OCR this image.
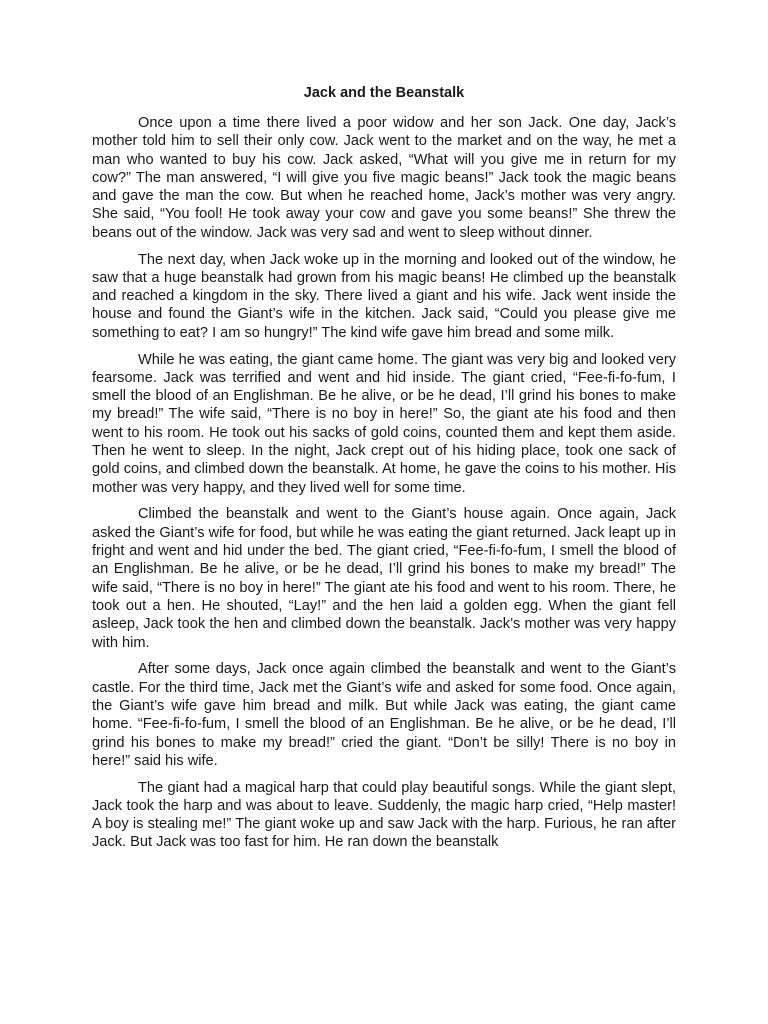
Jack and the Beanstalk

Once upon a time there lived a poor widow and her son Jack. One day, Jack’s mother told him to sell their only cow. Jack went to the market and on the way, he met a man who wanted to buy his cow. Jack asked, “What will you give me in return for my cow?” The man answered, “I will give you five magic beans!” Jack took the magic beans and gave the man the cow. But when he reached home, Jack’s mother was very angry. She said, “You fool! He took away your cow and gave you some beans!” She threw the beans out of the window. Jack was very sad and went to sleep without dinner.

The next day, when Jack woke up in the morning and looked out of the window, he saw that a huge beanstalk had grown from his magic beans! He climbed up the beanstalk and reached a kingdom in the sky. There lived a giant and his wife. Jack went inside the house and found the Giant’s wife in the kitchen. Jack said, “Could you please give me something to eat? I am so hungry!” The kind wife gave him bread and some milk.

While he was eating, the giant came home. The giant was very big and looked very fearsome. Jack was terrified and went and hid inside. The giant cried, “Fee-fi-fo-fum, I smell the blood of an Englishman. Be he alive, or be he dead, I’ll grind his bones to make my bread!” The wife said, “There is no boy in here!” So, the giant ate his food and then went to his room. He took out his sacks of gold coins, counted them and kept them aside. Then he went to sleep. In the night, Jack crept out of his hiding place, took one sack of gold coins, and climbed down the beanstalk. At home, he gave the coins to his mother. His mother was very happy, and they lived well for some time.

Climbed the beanstalk and went to the Giant’s house again. Once again, Jack asked the Giant’s wife for food, but while he was eating the giant returned. Jack leapt up in fright and went and hid under the bed. The giant cried, “Fee-fi-fo-fum, I smell the blood of an Englishman. Be he alive, or be he dead, I’ll grind his bones to make my bread!” The wife said, “There is no boy in here!” The giant ate his food and went to his room. There, he took out a hen. He shouted, “Lay!” and the hen laid a golden egg. When the giant fell asleep, Jack took the hen and climbed down the beanstalk. Jack’s mother was very happy with him.

After some days, Jack once again climbed the beanstalk and went to the Giant’s castle. For the third time, Jack met the Giant’s wife and asked for some food. Once again, the Giant’s wife gave him bread and milk. But while Jack was eating, the giant came home. “Fee-fi-fo-fum, I smell the blood of an Englishman. Be he alive, or be he dead, I’ll grind his bones to make my bread!” cried the giant. “Don’t be silly! There is no boy in here!” said his wife.

The giant had a magical harp that could play beautiful songs. While the giant slept, Jack took the harp and was about to leave. Suddenly, the magic harp cried, “Help master! A boy is stealing me!” The giant woke up and saw Jack with the harp. Furious, he ran after Jack. But Jack was too fast for him. He ran down the beanstalk
